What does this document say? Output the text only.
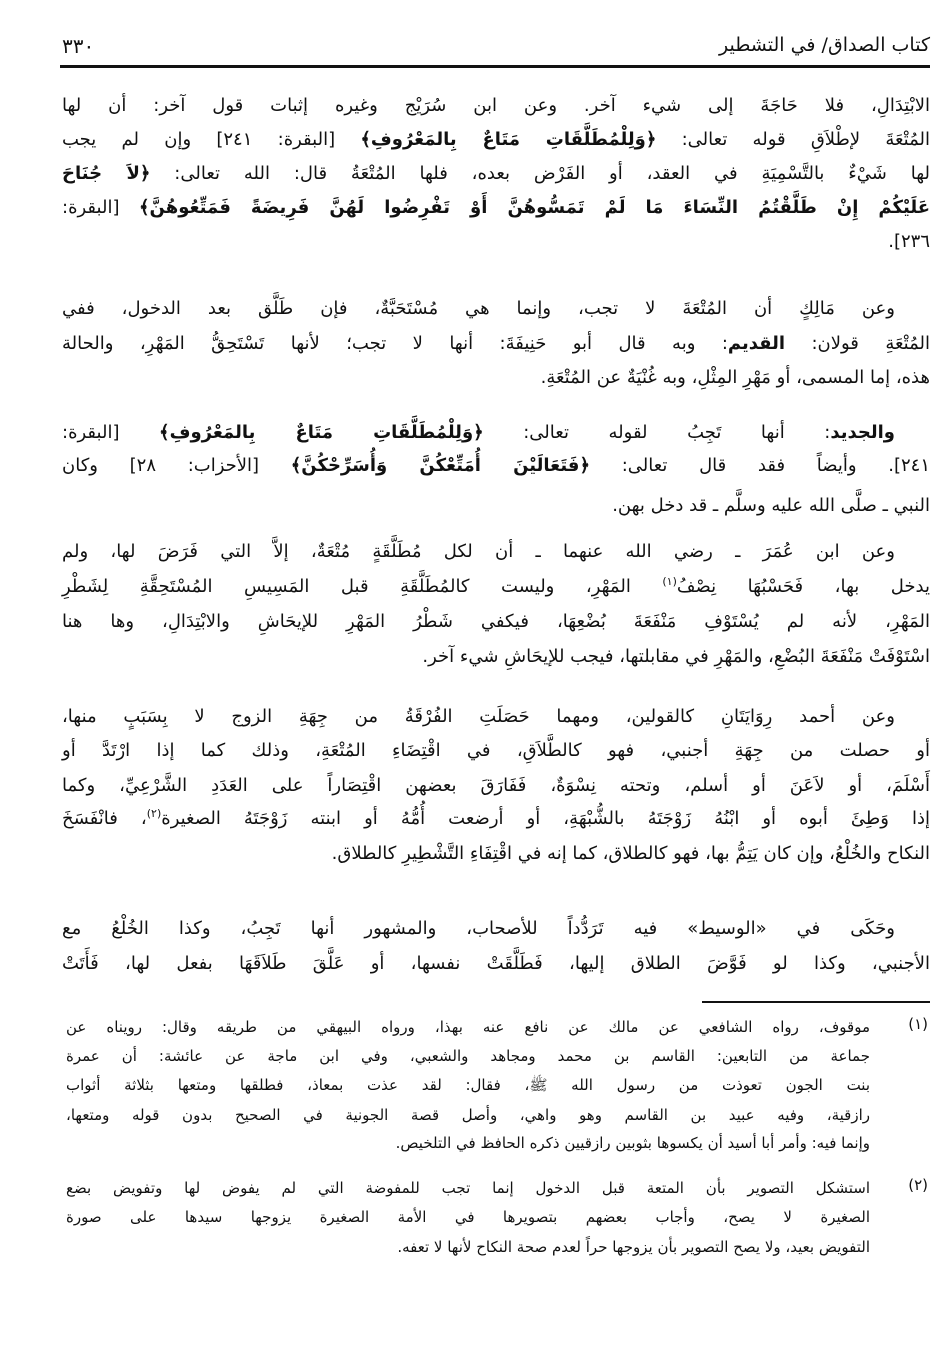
كتاب الصداق/ في التشطير
٣٣٠
الابْتِدَالِ، فلا حَاجَةَ إلى شيء آخر. وعن ابن سُرَيْج وغيره إثبات قول آخر: أن لها
المُتْعَةَ لإطْلاَقِ قوله تعالى: ﴿وَلِلْمُطَلَّقَاتِ مَتَاعٌ بِالمَعْرُوفِ﴾ [البقرة: ٢٤١] وإن لم يجب
لها شَيْءٌ بالتَّسْمِيَةِ في العقد، أو الفَرْض بعده، فلها المُتْعَةُ قال: الله تعالى: ﴿لاَ جُنَاحَ
عَلَيْكُمْ إِنْ طَلَّقْتُمُ النِّسَاءَ مَا لَمْ تَمَسُّوهُنَّ أَوْ تَفْرِضُوا لَهُنَّ فَرِيضَةً فَمَتِّعُوهُنَّ﴾ [البقرة:
٢٣٦].
وعن مَالِكٍ أن المُتْعَةَ لا تجب، وإنما هي مُسْتَحَبَّةٌ، فإن طَلَّق بعد الدخول، ففي
المُتْعَةِ قولان: القديم: وبه قال أبو حَنِيفَةَ: أنها لا تجب؛ لأنها تَسْتَحِقُّ المَهْرِ، والحالة
هذه، إما المسمى، أو مَهْرِ المِثْلِ، وبه غُنْيَةٌ عن المُتْعَةِ.
والجديد: أنها تَجِبُ لقوله تعالى: ﴿وَلِلْمُطَلَّقَاتِ مَتَاعٌ بِالمَعْرُوفِ﴾ [البقرة:
٢٤١]. وأيضاً فقد قال تعالى: ﴿فَتَعَالَيْنَ أُمَتِّعْكُنَّ وَأُسَرِّحْكُنَّ﴾ [الأحزاب: ٢٨] وكان
النبي ـ صلَّى الله عليه وسلَّم ـ قد دخل بهن.
وعن ابن عُمَرَ ـ رضي الله عنهما ـ أن لكل مُطَلَّقَةٍ مُتْعَةٌ، إلاَّ التي فَرَضَ لها، ولم
يدخل بها، فَحَسْبُهَا نِصْفُ$^{(١)}$ المَهْرِ، وليست كالمُطَلَّقَةِ قبل المَسِيسِ المُسْتَحِقَّةِ لِشَطْرِ
المَهْرِ، لأنه لم يُسْتَوْفِ مَنْفَعَةَ بُضْعِهَا، فيكفي شَطْرُ المَهْرِ للإيحَاشِ والابْتِدَالِ، وها هنا
اسْتَوْفَتْ مَنْفَعَةَ البُضْعِ، والمَهْرِ في مقابلتها، فيجب للإيحَاشِ شيء آخر.
وعن أحمد رِوَايَتَانِ كالقولين، ومهما حَصَلَتِ الفُرْقَةُ من جِهَةِ الزوج لا بِسَبَبٍ منها،
أو حصلت من جِهَةِ أجنبي، فهو كالطَّلاَقِ، في اقْتِضَاءِ المُتْعَةِ، وذلك كما إذا ارْتَدَّ أو
أَسْلَمَ، أو لاَعَنَ أو أسلم، وتحته نِسْوَةٌ، فَفَارَقَ بعضهن اقْتِصَاراً على العَدَدِ الشَّرْعِيِّ، وكما
إذا وَطِئَ أبوه أو ابْنُهُ زَوْجَتَهُ بالشُّبْهَةِ، أو أرضعت أُمُّهُ أو ابنته زَوْجَتَهُ الصغيرة$^{(٢)}$، فانْفَسَخَ
النكاح والخُلْعُ، وإن كان يَتِمُّ بها، فهو كالطلاق، كما إنه في اقْتِفَاءِ التَّشْطِيرِ كالطلاق.
وحَكَى في «الوسيط» فيه تَرَدُّداً للأصحاب، والمشهور أنها تَجِبُ، وكذا الخُلْعُ مع
الأجنبي، وكذا لو فَوَّضَ الطلاق إليها، فَطَلَّقَتْ نفسها، أو عَلَّقَ طَلاَقَهَا بفعل لها، فَأَتَتْ
(١)
موقوف، رواه الشافعي عن مالك عن نافع عنه بهذا، ورواه البيهقي من طريقه وقال: رويناه عن
جماعة من التابعين: القاسم بن محمد ومجاهد والشعبي، وفي ابن ماجة عن عائشة: أن عمرة
بنت الجون تعوذت من رسول الله ﷺ، فقال: لقد عذت بمعاذ، فطلقها ومتعها بثلاثة أثواب
رازقية، وفيه عبيد بن القاسم وهو واهي، وأصل قصة الجونية في الصحيح بدون قوله ومتعها،
وإنما فيه: وأمر أبا أسيد أن يكسوها بثوبين رازقيين ذكره الحافظ في التلخيص.
(٢)
استشكل التصوير بأن المتعة قبل الدخول إنما تجب للمفوضة التي لم يفوض لها وتفويض بضع
الصغيرة لا يصح، وأجاب بعضهم بتصويرها في الأمة الصغيرة يزوجها سيدها على صورة
التفويض بعيد، ولا يصح التصوير بأن يزوجها حراً لعدم صحة النكاح لأنها لا تعفه.
